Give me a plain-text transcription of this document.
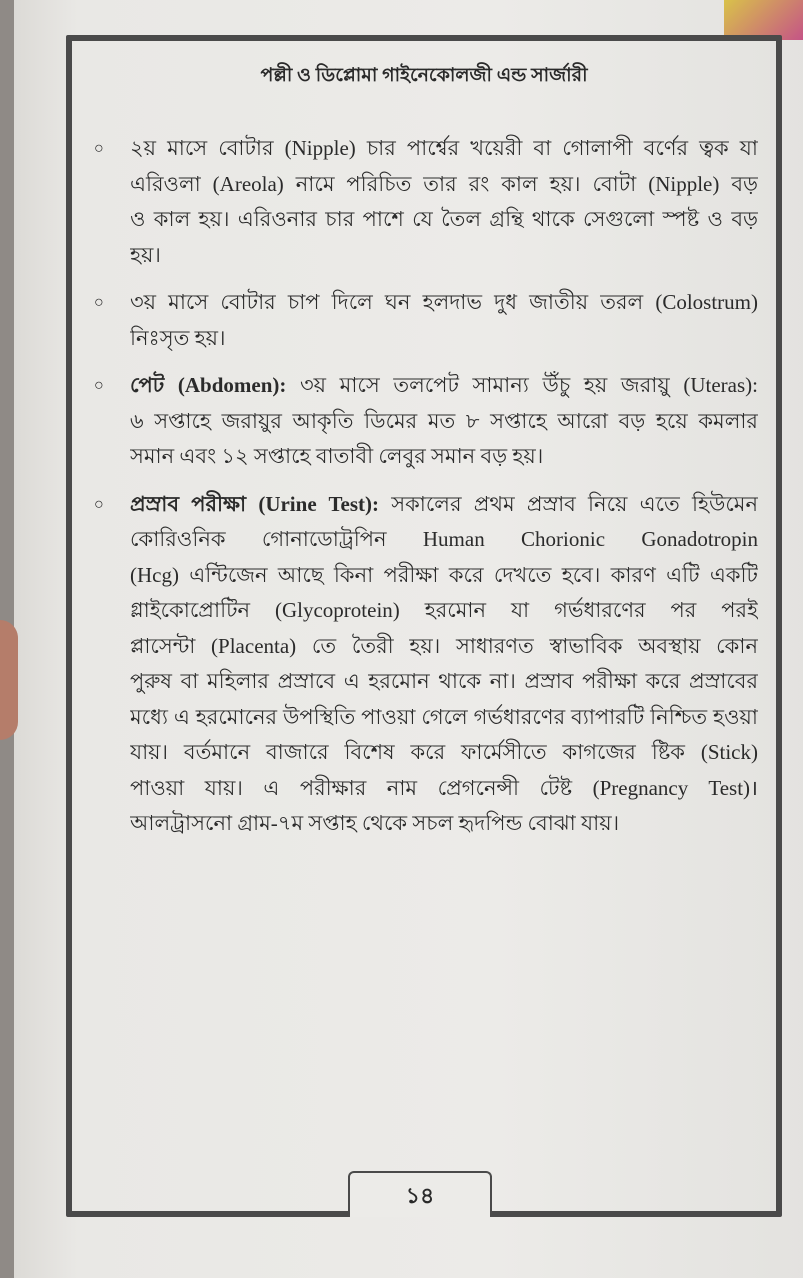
পল্লী ও ডিপ্লোমা গাইনেকোলজী এন্ড সার্জারী
○ ২য় মাসে বোটার (Nipple) চার পার্শ্বের খয়েরী বা গোলাপী বর্ণের ত্বক যা
এরিওলা (Areola) নামে পরিচিত তার রং কাল হয়। বোটা (Nipple) বড়
ও কাল হয়। এরিওনার চার পাশে যে তৈল গ্রন্থি থাকে সেগুলো স্পষ্ট ও বড়
হয়।
○ ৩য় মাসে বোটার চাপ দিলে ঘন হলদাভ দুধ জাতীয় তরল (Colostrum)
নিঃসৃত হয়।
○ পেট (Abdomen): ৩য় মাসে তলপেট সামান্য উঁচু হয় জরায়ু (Uteras):
৬ সপ্তাহে জরায়ুর আকৃতি ডিমের মত ৮ সপ্তাহে আরো বড় হয়ে কমলার
সমান এবং ১২ সপ্তাহে বাতাবী লেবুর সমান বড় হয়।
○ প্রস্রাব পরীক্ষা (Urine Test): সকালের প্রথম প্রস্রাব নিয়ে এতে হিউমেন
কোরিওনিক গোনাডোট্রপিন Human Chorionic Gonadotropin
(Hcg) এন্টিজেন আছে কিনা পরীক্ষা করে দেখতে হবে। কারণ এটি একটি
গ্লাইকোপ্রোটিন (Glycoprotein) হরমোন যা গর্ভধারণের পর পরই
প্লাসেন্টা (Placenta) তে তৈরী হয়। সাধারণত স্বাভাবিক অবস্থায় কোন
পুরুষ বা মহিলার প্রস্রাবে এ হরমোন থাকে না। প্রস্রাব পরীক্ষা করে প্রস্রাবের
মধ্যে এ হরমোনের উপস্থিতি পাওয়া গেলে গর্ভধারণের ব্যাপারটি নিশ্চিত হওয়া
যায়। বর্তমানে বাজারে বিশেষ করে ফার্মেসীতে কাগজের ষ্টিক (Stick)
পাওয়া যায়। এ পরীক্ষার নাম প্রেগনেন্সী টেষ্ট (Pregnancy Test)।
আলট্রাসনো গ্রাম-৭ম সপ্তাহ থেকে সচল হৃদপিন্ড বোঝা যায়।
১৪
